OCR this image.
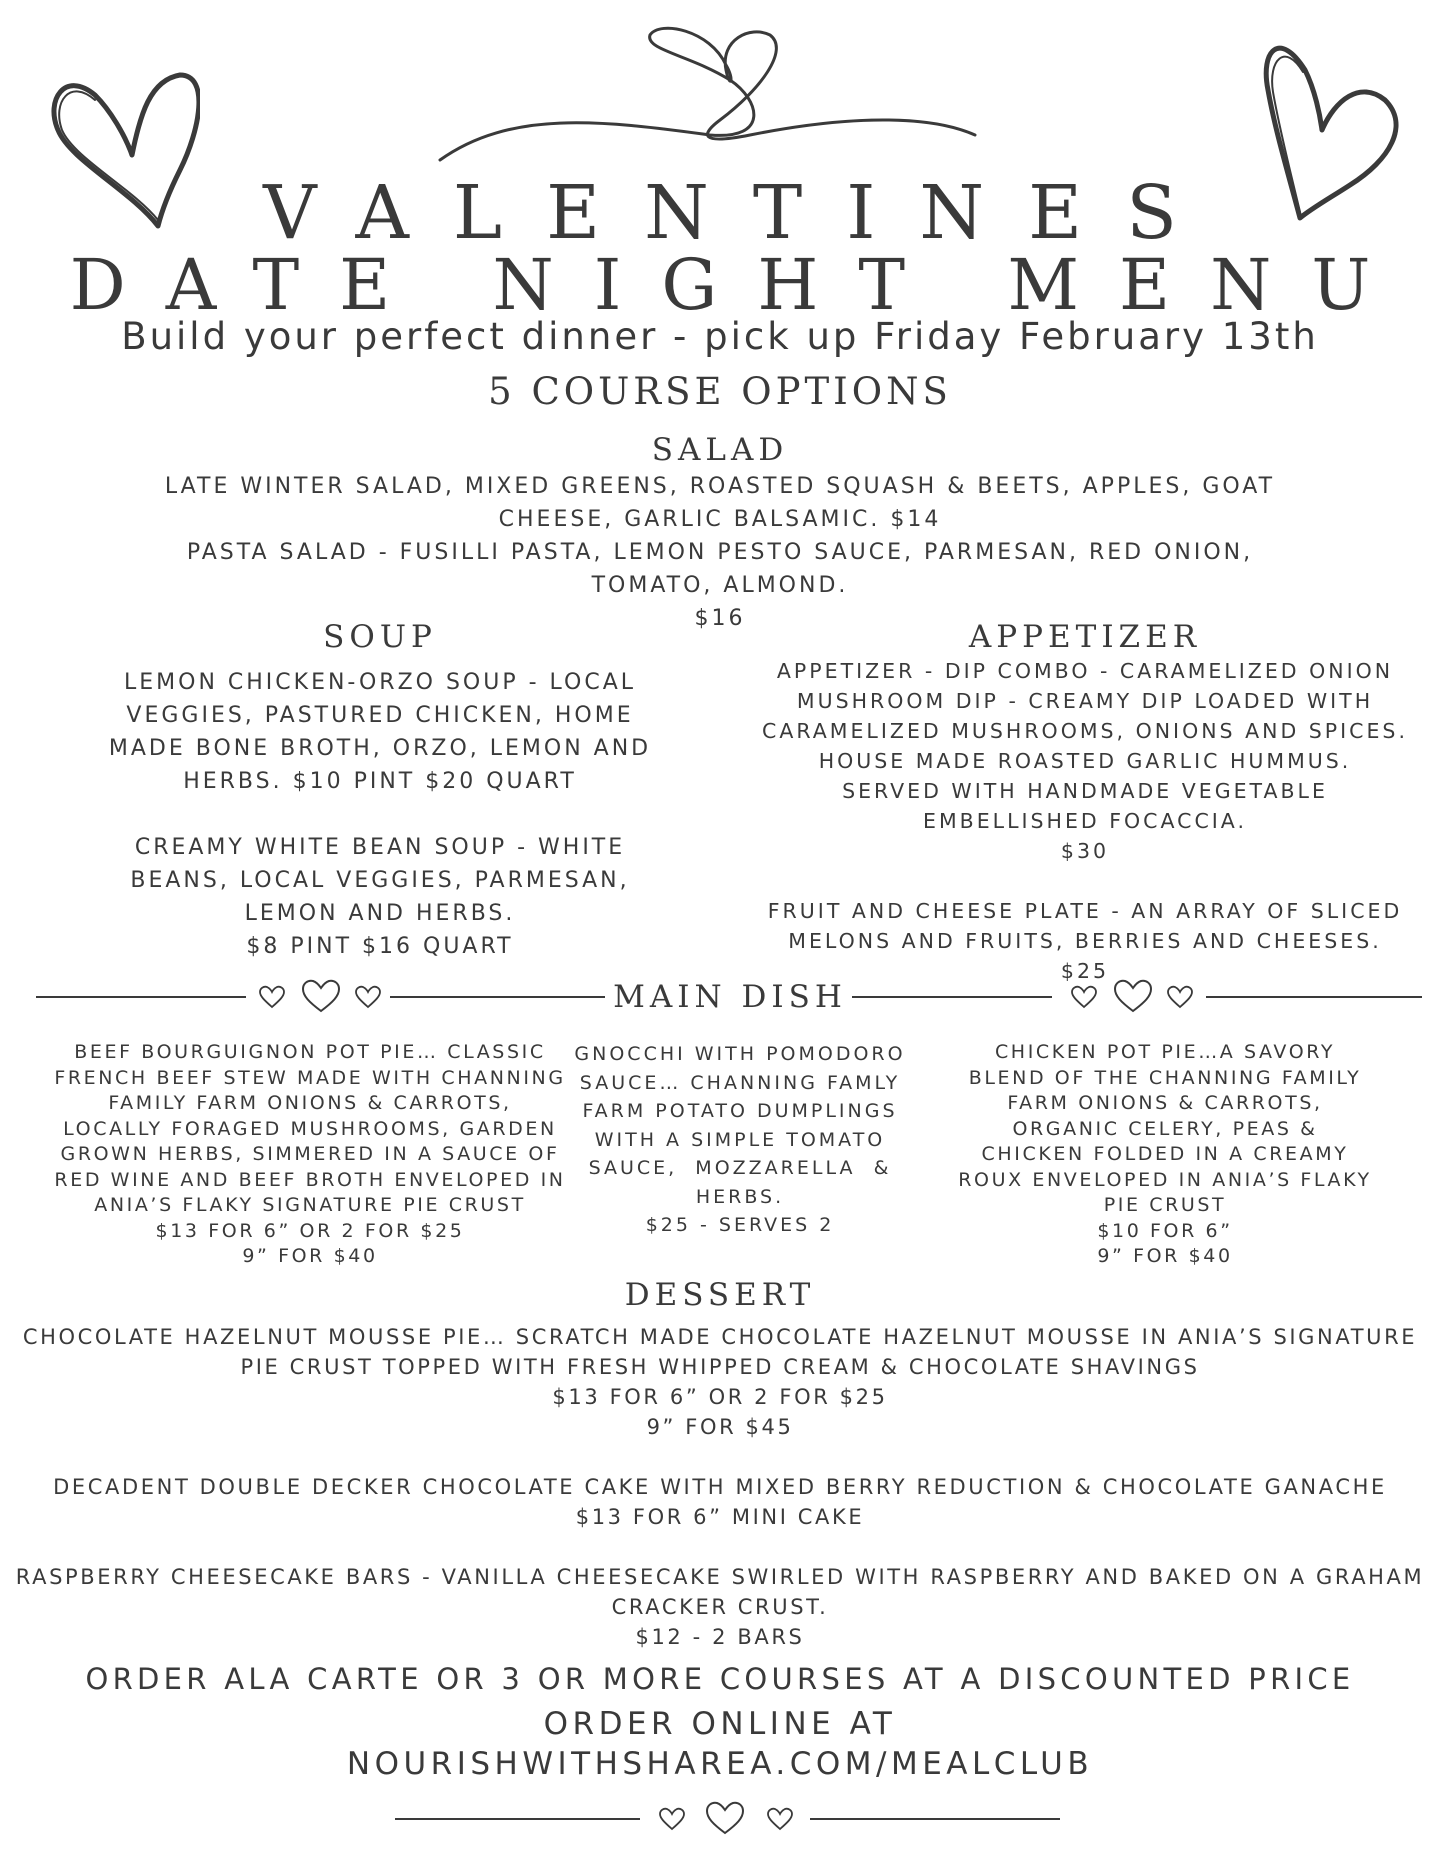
VALENTINES
DATE NIGHT MENU
Build your perfect dinner - pick up Friday February 13th
5 COURSE OPTIONS
SALAD
LATE WINTER SALAD, MIXED GREENS, ROASTED SQUASH & BEETS, APPLES, GOAT
CHEESE, GARLIC BALSAMIC. $14
PASTA SALAD - FUSILLI PASTA, LEMON PESTO SAUCE, PARMESAN, RED ONION,
TOMATO, ALMOND.
$16
SOUP
LEMON CHICKEN-ORZO SOUP - LOCAL
VEGGIES, PASTURED CHICKEN, HOME
MADE BONE BROTH, ORZO, LEMON AND
HERBS. $10 PINT $20 QUART
CREAMY WHITE BEAN SOUP - WHITE
BEANS, LOCAL VEGGIES, PARMESAN,
LEMON AND HERBS.
$8 PINT $16 QUART
APPETIZER
APPETIZER - DIP COMBO - CARAMELIZED ONION
MUSHROOM DIP - CREAMY DIP LOADED WITH
CARAMELIZED MUSHROOMS, ONIONS AND SPICES.
HOUSE MADE ROASTED GARLIC HUMMUS.
SERVED WITH HANDMADE VEGETABLE
EMBELLISHED FOCACCIA.
$30
FRUIT AND CHEESE PLATE - AN ARRAY OF SLICED
MELONS AND FRUITS, BERRIES AND CHEESES.
$25
MAIN DISH
BEEF BOURGUIGNON POT PIE… CLASSIC
FRENCH BEEF STEW MADE WITH CHANNING
FAMILY FARM ONIONS & CARROTS,
LOCALLY FORAGED MUSHROOMS, GARDEN
GROWN HERBS, SIMMERED IN A SAUCE OF
RED WINE AND BEEF BROTH ENVELOPED IN
ANIA’S FLAKY SIGNATURE PIE CRUST
$13 FOR 6” OR 2 FOR $25
9” FOR $40
GNOCCHI WITH POMODORO
SAUCE… CHANNING FAMLY
FARM POTATO DUMPLINGS
WITH A SIMPLE TOMATO
SAUCE,  MOZZARELLA  &
HERBS.
$25 - SERVES 2
CHICKEN POT PIE…A SAVORY
BLEND OF THE CHANNING FAMILY
FARM ONIONS & CARROTS,
ORGANIC CELERY, PEAS &
CHICKEN FOLDED IN A CREAMY
ROUX ENVELOPED IN ANIA’S FLAKY
PIE CRUST
$10 FOR 6”
9” FOR $40
DESSERT
CHOCOLATE HAZELNUT MOUSSE PIE… SCRATCH MADE CHOCOLATE HAZELNUT MOUSSE IN ANIA’S SIGNATURE
PIE CRUST TOPPED WITH FRESH WHIPPED CREAM & CHOCOLATE SHAVINGS
$13 FOR 6” OR 2 FOR $25
9” FOR $45
DECADENT DOUBLE DECKER CHOCOLATE CAKE WITH MIXED BERRY REDUCTION & CHOCOLATE GANACHE
$13 FOR 6” MINI CAKE
RASPBERRY CHEESECAKE BARS - VANILLA CHEESECAKE SWIRLED WITH RASPBERRY AND BAKED ON A GRAHAM
CRACKER CRUST.
$12 - 2 BARS
ORDER ALA CARTE OR 3 OR MORE COURSES AT A DISCOUNTED PRICE
ORDER ONLINE AT
NOURISHWITHSHAREA.COM/MEALCLUB
